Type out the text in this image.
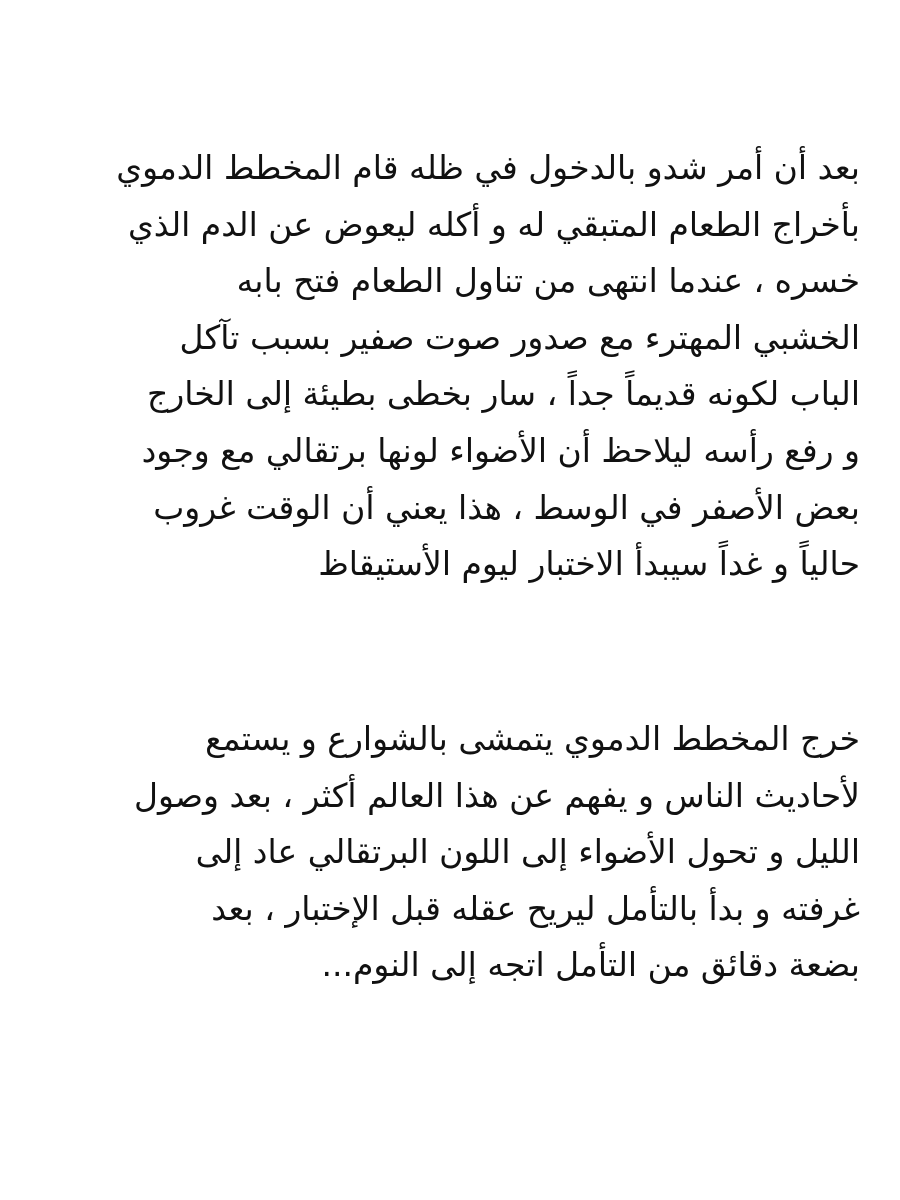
بعد أن أمر شدو بالدخول في ظله قام المخطط الدموي
بأخراج الطعام المتبقي له و أكله ليعوض عن الدم الذي
خسره ، عندما انتهى من تناول الطعام فتح بابه
الخشبي المهترء مع صدور صوت صفير بسبب تآكل
الباب لكونه قديماً جداً ، سار بخطى بطيئة إلى الخارج
و رفع رأسه ليلاحظ أن الأضواء لونها برتقالي مع وجود
بعض الأصفر في الوسط ، هذا يعني أن الوقت غروب
حالياً و غداً سيبدأ الاختبار ليوم الأستيقاظ

خرج المخطط الدموي يتمشى بالشوارع و يستمع
لأحاديث الناس و يفهم عن هذا العالم أكثر ، بعد وصول
الليل و تحول الأضواء إلى اللون البرتقالي عاد إلى
غرفته و بدأ بالتأمل ليريح عقله قبل الإختبار ، بعد
بضعة دقائق من التأمل اتجه إلى النوم...
